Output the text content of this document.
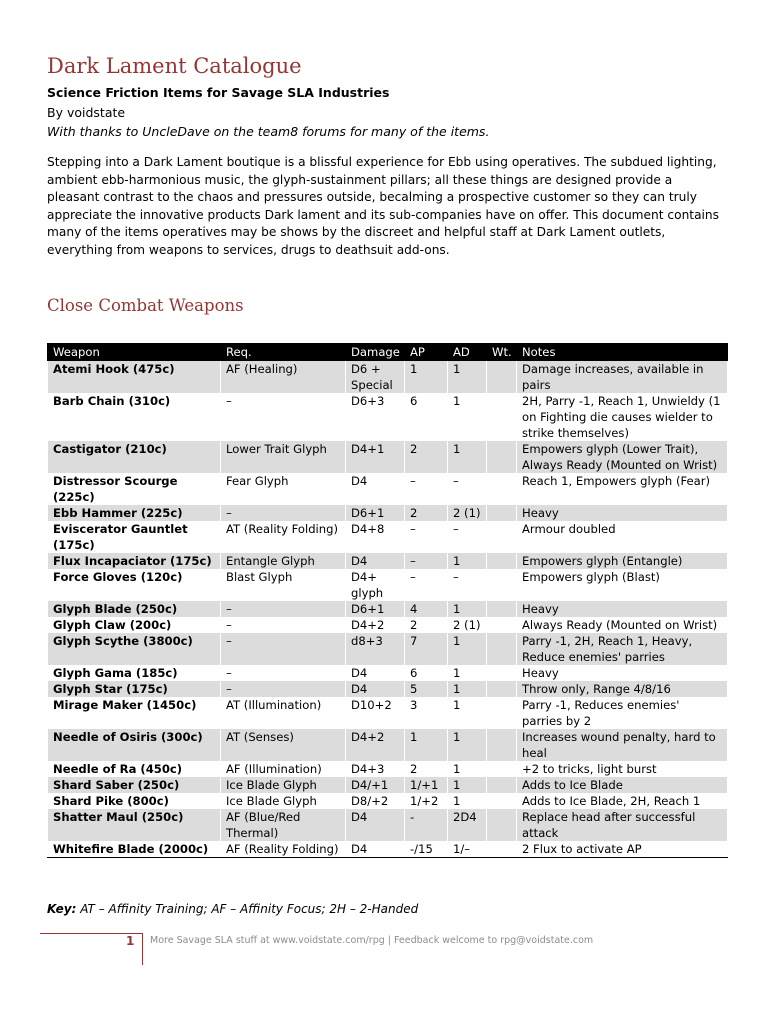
Dark Lament Catalogue
Science Friction Items for Savage SLA Industries
By voidstate
With thanks to UncleDave on the team8 forums for many of the items.

Stepping into a Dark Lament boutique is a blissful experience for Ebb using operatives. The subdued lighting, ambient ebb-harmonious music, the glyph-sustainment pillars; all these things are designed provide a pleasant contrast to the chaos and pressures outside, becalming a prospective customer so they can truly appreciate the innovative products Dark lament and its sub-companies have on offer. This document contains many of the items operatives may be shows by the discreet and helpful staff at Dark Lament outlets, everything from weapons to services, drugs to deathsuit add-ons.

Close Combat Weapons
Weapon	Req.	Damage	AP	AD	Wt.	Notes
Atemi Hook (475c)	AF (Healing)	D6 + Special	1	1		Damage increases, available in pairs
Barb Chain (310c)	–	D6+3	6	1		2H, Parry -1, Reach 1, Unwieldy (1 on Fighting die causes wielder to strike themselves)
Castigator (210c)	Lower Trait Glyph	D4+1	2	1		Empowers glyph (Lower Trait), Always Ready (Mounted on Wrist)
Distressor Scourge (225c)	Fear Glyph	D4	–	–		Reach 1, Empowers glyph (Fear)
Ebb Hammer (225c)	–	D6+1	2	2 (1)		Heavy
Eviscerator Gauntlet (175c)	AT (Reality Folding)	D4+8	–	–		Armour doubled
Flux Incapaciator (175c)	Entangle Glyph	D4	–	1		Empowers glyph (Entangle)
Force Gloves (120c)	Blast Glyph	D4+ glyph	–	–		Empowers glyph (Blast)
Glyph Blade (250c)	–	D6+1	4	1		Heavy
Glyph Claw (200c)	–	D4+2	2	2 (1)		Always Ready (Mounted on Wrist)
Glyph Scythe (3800c)	–	d8+3	7	1		Parry -1, 2H, Reach 1, Heavy, Reduce enemies' parries
Glyph Gama (185c)	–	D4	6	1		Heavy
Glyph Star (175c)	–	D4	5	1		Throw only, Range 4/8/16
Mirage Maker (1450c)	AT (Illumination)	D10+2	3	1		Parry -1, Reduces enemies' parries by 2
Needle of Osiris (300c)	AT (Senses)	D4+2	1	1		Increases wound penalty, hard to heal
Needle of Ra (450c)	AF (Illumination)	D4+3	2	1		+2 to tricks, light burst
Shard Saber (250c)	Ice Blade Glyph	D4/+1	1/+1	1		Adds to Ice Blade
Shard Pike (800c)	Ice Blade Glyph	D8/+2	1/+2	1		Adds to Ice Blade, 2H, Reach 1
Shatter Maul (250c)	AF (Blue/Red Thermal)	D4	-	2D4		Replace head after successful attack
Whitefire Blade (2000c)	AF (Reality Folding)	D4	-/15	1/–		2 Flux to activate AP
Key: AT – Affinity Training; AF – Affinity Focus; 2H – 2-Handed
1 More Savage SLA stuff at www.voidstate.com/rpg | Feedback welcome to rpg@voidstate.com
